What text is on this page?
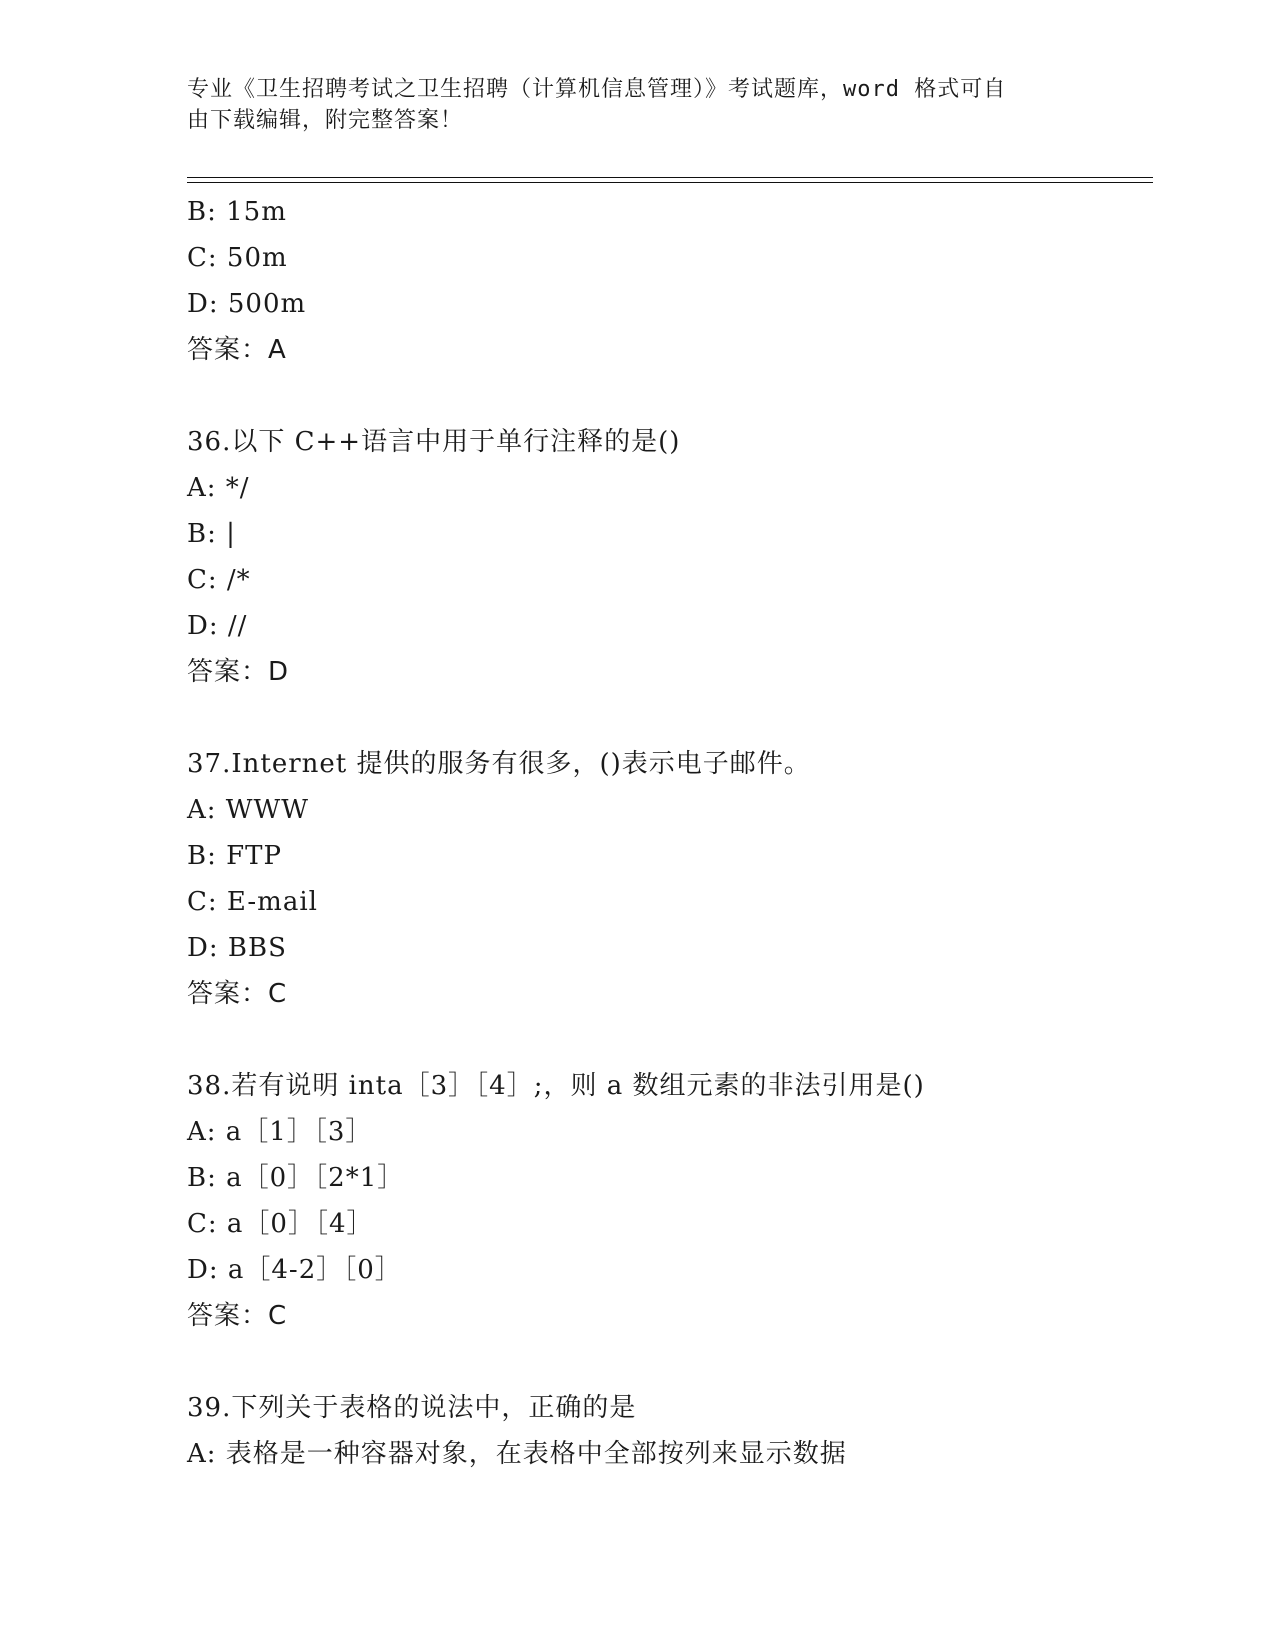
专业《卫生招聘考试之卫生招聘（计算机信息管理）》考试题库，word 格式可自
由下载编辑，附完整答案！
B: 15m
C: 50m
D: 500m
答案：A
36.以下 C++语言中用于单行注释的是()
A: */
B: |
C: /*
D: //
答案：D
37.Internet 提供的服务有很多，()表示电子邮件。
A: WWW
B: FTP
C: E-mail
D: BBS
答案：C
38.若有说明 inta［3］［4］;，则 a 数组元素的非法引用是()
A: a［1］［3］
B: a［0］［2*1］
C: a［0］［4］
D: a［4-2］［0］
答案：C
39.下列关于表格的说法中，正确的是
A: 表格是一种容器对象，在表格中全部按列来显示数据
